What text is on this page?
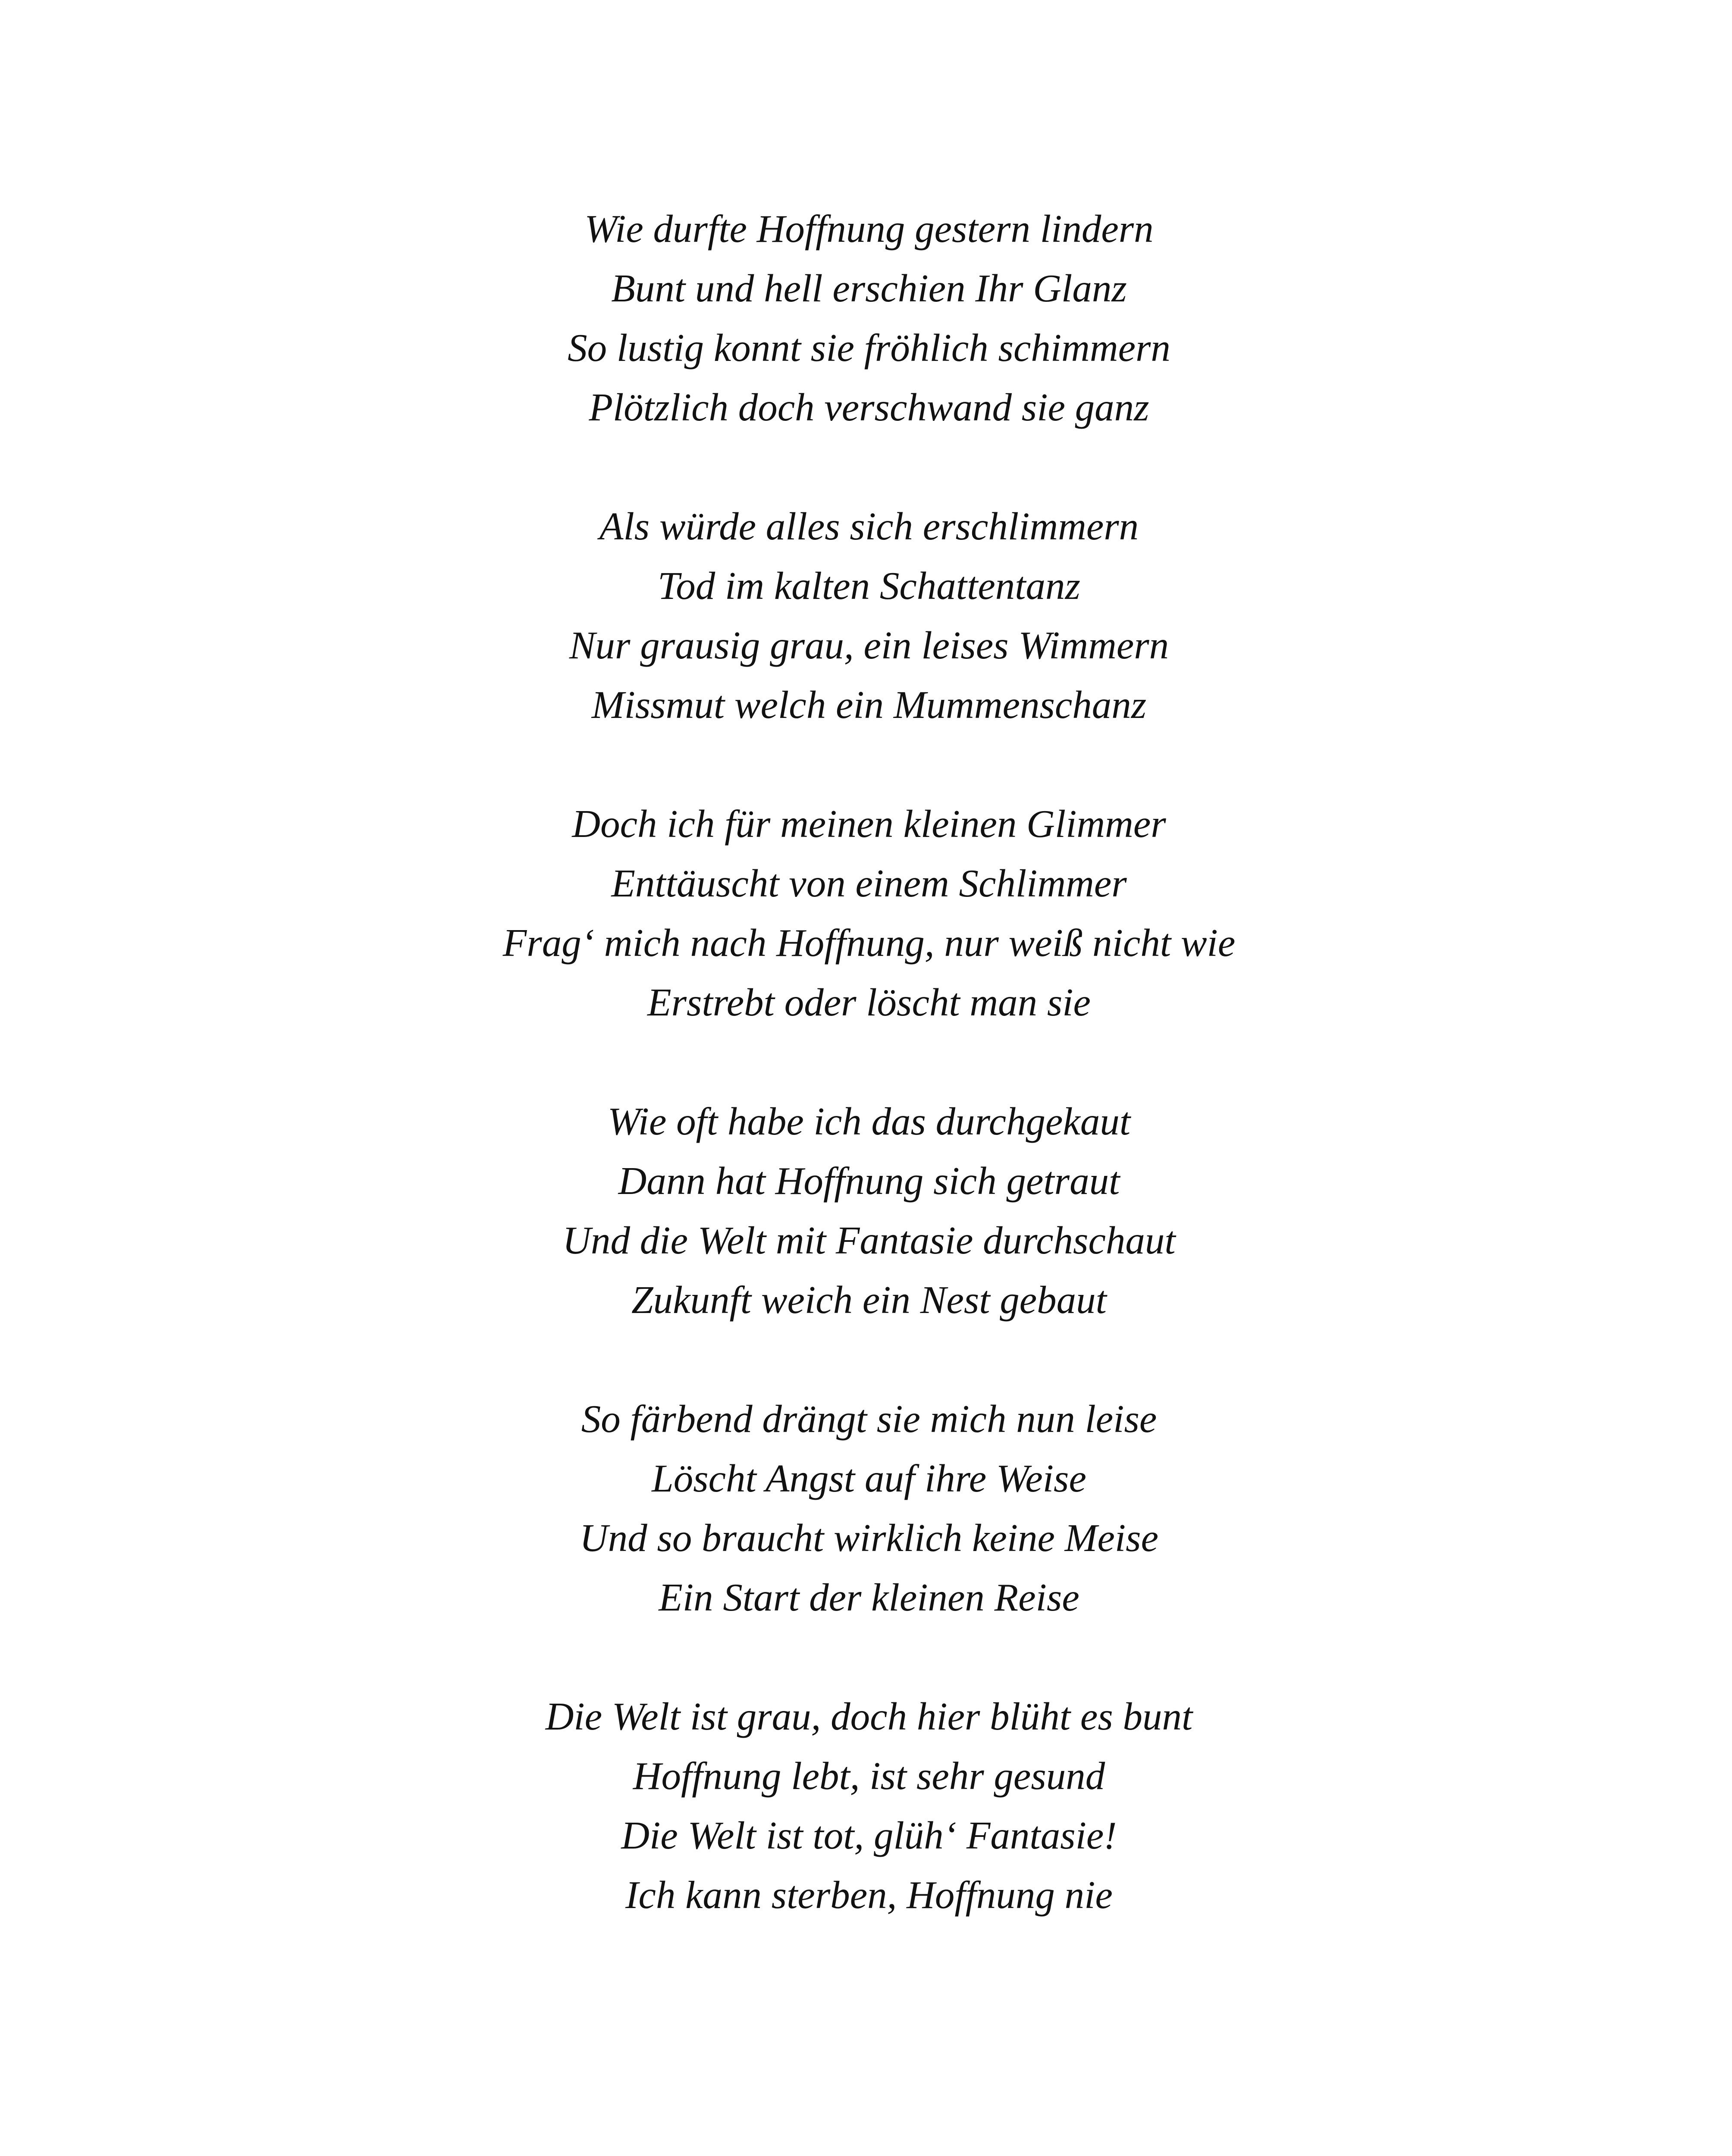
Wie durfte Hoffnung gestern lindern
Bunt und hell erschien Ihr Glanz
So lustig konnt sie fröhlich schimmern
Plötzlich doch verschwand sie ganz
Als würde alles sich erschlimmern
Tod im kalten Schattentanz
Nur grausig grau, ein leises Wimmern
Missmut welch ein Mummenschanz
Doch ich für meinen kleinen Glimmer
Enttäuscht von einem Schlimmer
Frag‘ mich nach Hoffnung, nur weiß nicht wie
Erstrebt oder löscht man sie
Wie oft habe ich das durchgekaut
Dann hat Hoffnung sich getraut
Und die Welt mit Fantasie durchschaut
Zukunft weich ein Nest gebaut
So färbend drängt sie mich nun leise
Löscht Angst auf ihre Weise
Und so braucht wirklich keine Meise
Ein Start der kleinen Reise
Die Welt ist grau, doch hier blüht es bunt
Hoffnung lebt, ist sehr gesund
Die Welt ist tot, glüh‘ Fantasie!
Ich kann sterben, Hoffnung nie
